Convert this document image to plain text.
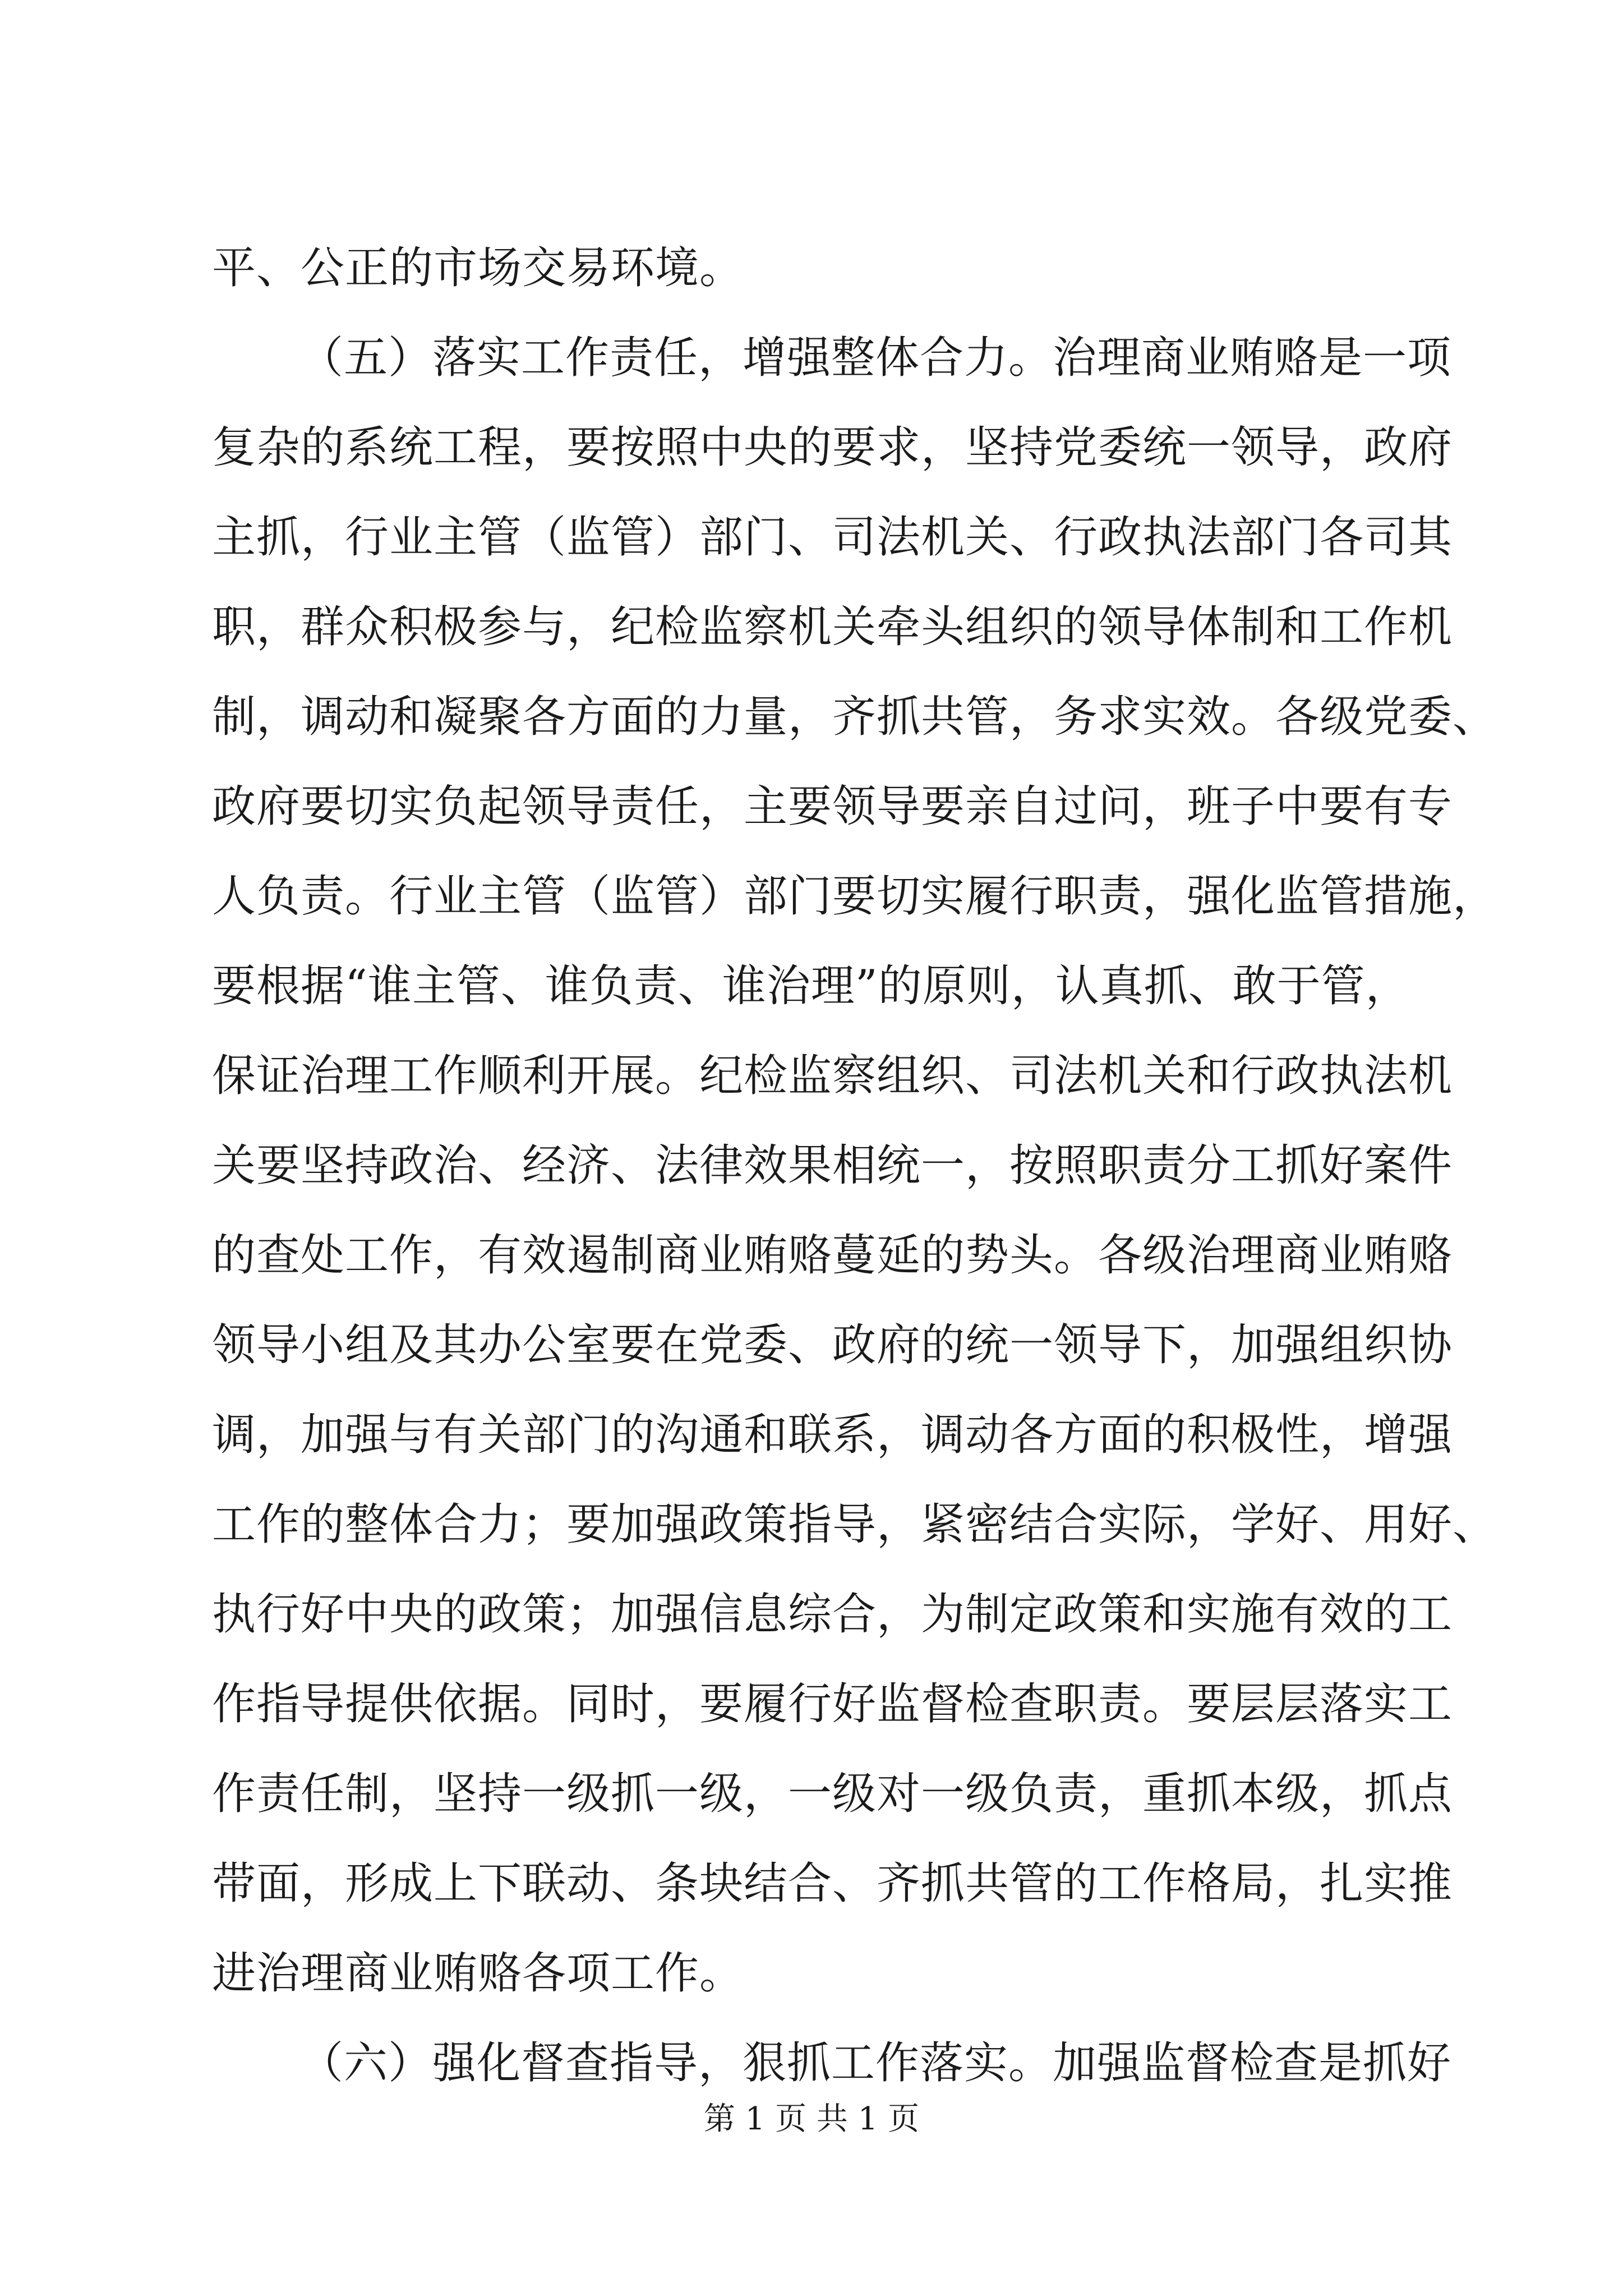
平、公正的市场交易环境。
（五）落实工作责任，增强整体合力。治理商业贿赂是一项
复杂的系统工程，要按照中央的要求，坚持党委统一领导，政府
主抓，行业主管（监管）部门、司法机关、行政执法部门各司其
职，群众积极参与，纪检监察机关牵头组织的领导体制和工作机
制，调动和凝聚各方面的力量，齐抓共管，务求实效。各级党委、
政府要切实负起领导责任，主要领导要亲自过问，班子中要有专
人负责。行业主管（监管）部门要切实履行职责，强化监管措施，
要根据“谁主管、谁负责、谁治理”的原则，认真抓、敢于管，
保证治理工作顺利开展。纪检监察组织、司法机关和行政执法机
关要坚持政治、经济、法律效果相统一，按照职责分工抓好案件
的查处工作，有效遏制商业贿赂蔓延的势头。各级治理商业贿赂
领导小组及其办公室要在党委、政府的统一领导下，加强组织协
调，加强与有关部门的沟通和联系，调动各方面的积极性，增强
工作的整体合力；要加强政策指导，紧密结合实际，学好、用好、
执行好中央的政策；加强信息综合，为制定政策和实施有效的工
作指导提供依据。同时，要履行好监督检查职责。要层层落实工
作责任制，坚持一级抓一级，一级对一级负责，重抓本级，抓点
带面，形成上下联动、条块结合、齐抓共管的工作格局，扎实推
进治理商业贿赂各项工作。
（六）强化督查指导，狠抓工作落实。加强监督检查是抓好
第 1 页 共 1 页
